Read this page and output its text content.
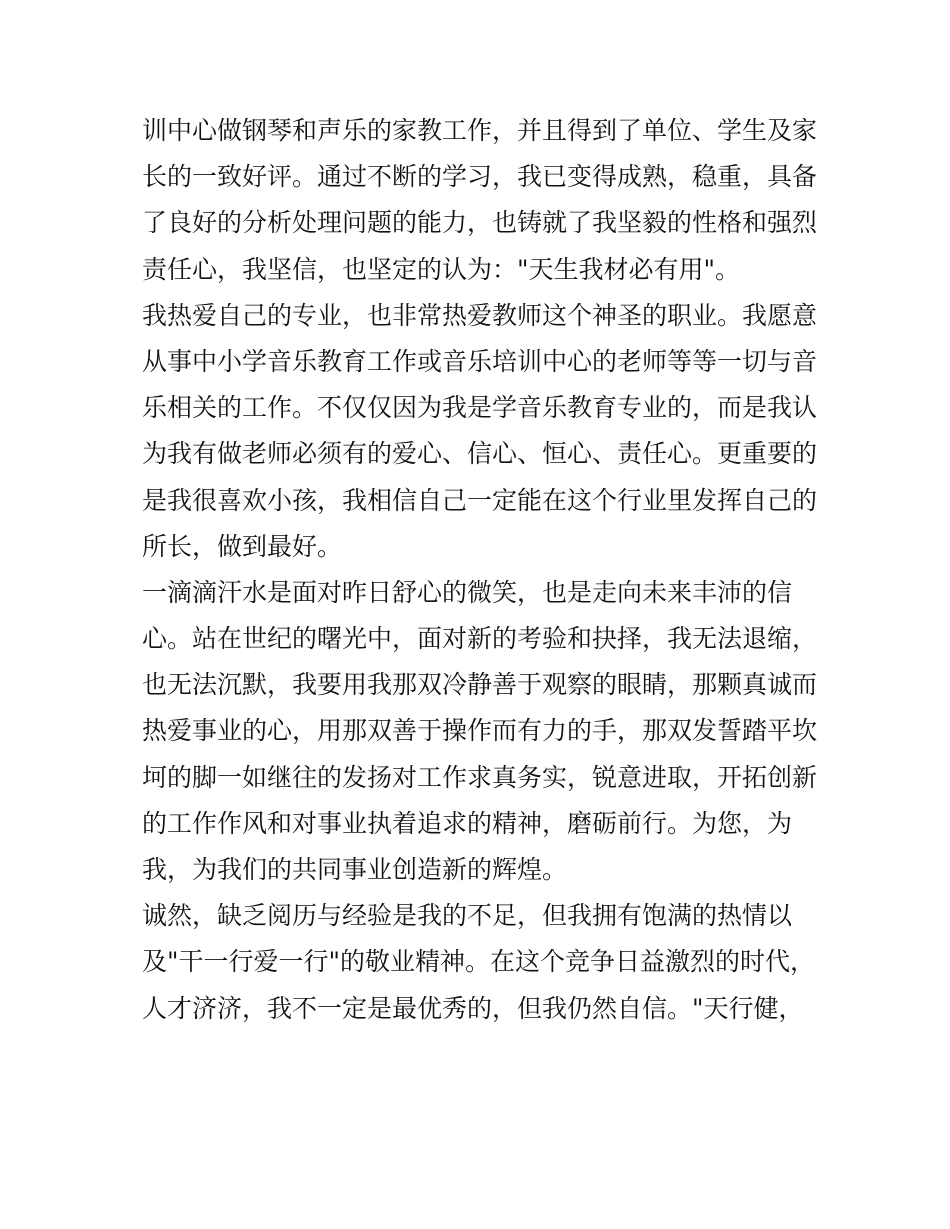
训中心做钢琴和声乐的家教工作，并且得到了单位、学生及家
长的一致好评。通过不断的学习，我已变得成熟，稳重，具备
了良好的分析处理问题的能力，也铸就了我坚毅的性格和强烈
责任心，我坚信，也坚定的认为："天生我材必有用"。
我热爱自己的专业，也非常热爱教师这个神圣的职业。我愿意
从事中小学音乐教育工作或音乐培训中心的老师等等一切与音
乐相关的工作。不仅仅因为我是学音乐教育专业的，而是我认
为我有做老师必须有的爱心、信心、恒心、责任心。更重要的
是我很喜欢小孩，我相信自己一定能在这个行业里发挥自己的
所长，做到最好。
一滴滴汗水是面对昨日舒心的微笑，也是走向未来丰沛的信
心。站在世纪的曙光中，面对新的考验和抉择，我无法退缩，
也无法沉默，我要用我那双冷静善于观察的眼睛，那颗真诚而
热爱事业的心，用那双善于操作而有力的手，那双发誓踏平坎
坷的脚一如继往的发扬对工作求真务实，锐意进取，开拓创新
的工作作风和对事业执着追求的精神，磨砺前行。为您，为
我，为我们的共同事业创造新的辉煌。
诚然，缺乏阅历与经验是我的不足，但我拥有饱满的热情以
及"干一行爱一行"的敬业精神。在这个竞争日益激烈的时代，
人才济济，我不一定是最优秀的，但我仍然自信。"天行健，
